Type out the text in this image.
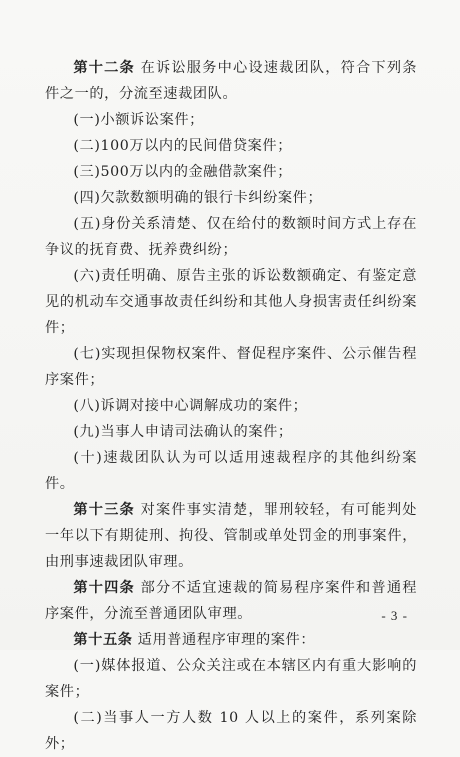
第十二条 在诉讼服务中心设速裁团队，符合下列条件之一的，分流至速裁团队。

(一)小额诉讼案件；

(二)100万以内的民间借贷案件；

(三)500万以内的金融借款案件；

(四)欠款数额明确的银行卡纠纷案件；

(五)身份关系清楚、仅在给付的数额时间方式上存在争议的抚育费、抚养费纠纷；

(六)责任明确、原告主张的诉讼数额确定、有鉴定意见的机动车交通事故责任纠纷和其他人身损害责任纠纷案件；

(七)实现担保物权案件、督促程序案件、公示催告程序案件；

(八)诉调对接中心调解成功的案件；

(九)当事人申请司法确认的案件；

(十)速裁团队认为可以适用速裁程序的其他纠纷案件。

第十三条 对案件事实清楚，罪刑较轻，有可能判处一年以下有期徒刑、拘役、管制或单处罚金的刑事案件，由刑事速裁团队审理。

第十四条 部分不适宜速裁的简易程序案件和普通程序案件，分流至普通团队审理。

第十五条 适用普通程序审理的案件：

(一)媒体报道、公众关注或在本辖区内有重大影响的案件；

(二)当事人一方人数 10 人以上的案件，系列案除外；

- 3 -
